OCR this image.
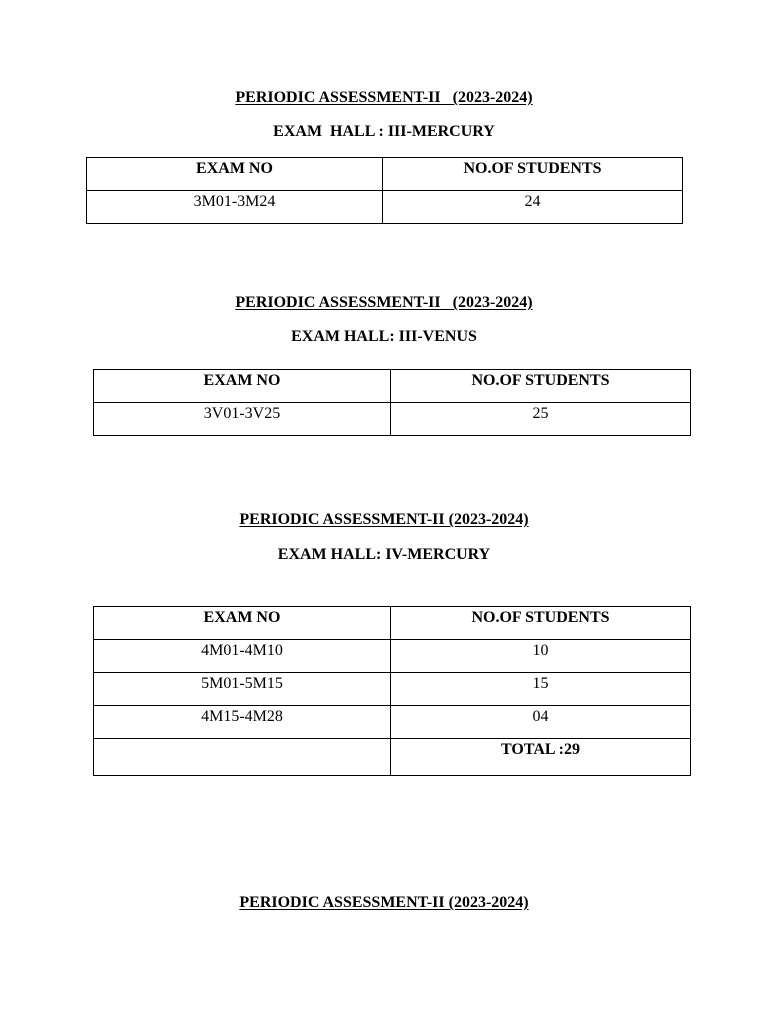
PERIODIC ASSESSMENT-II   (2023-2024)
EXAM  HALL : III-MERCURY
EXAM NO	NO.OF STUDENTS
3M01-3M24	24
PERIODIC ASSESSMENT-II   (2023-2024)
EXAM HALL: III-VENUS
EXAM NO	NO.OF STUDENTS
3V01-3V25	25
PERIODIC ASSESSMENT-II (2023-2024)
EXAM HALL: IV-MERCURY
EXAM NO	NO.OF STUDENTS
4M01-4M10	10
5M01-5M15	15
4M15-4M28	04
	TOTAL :29
PERIODIC ASSESSMENT-II (2023-2024)
